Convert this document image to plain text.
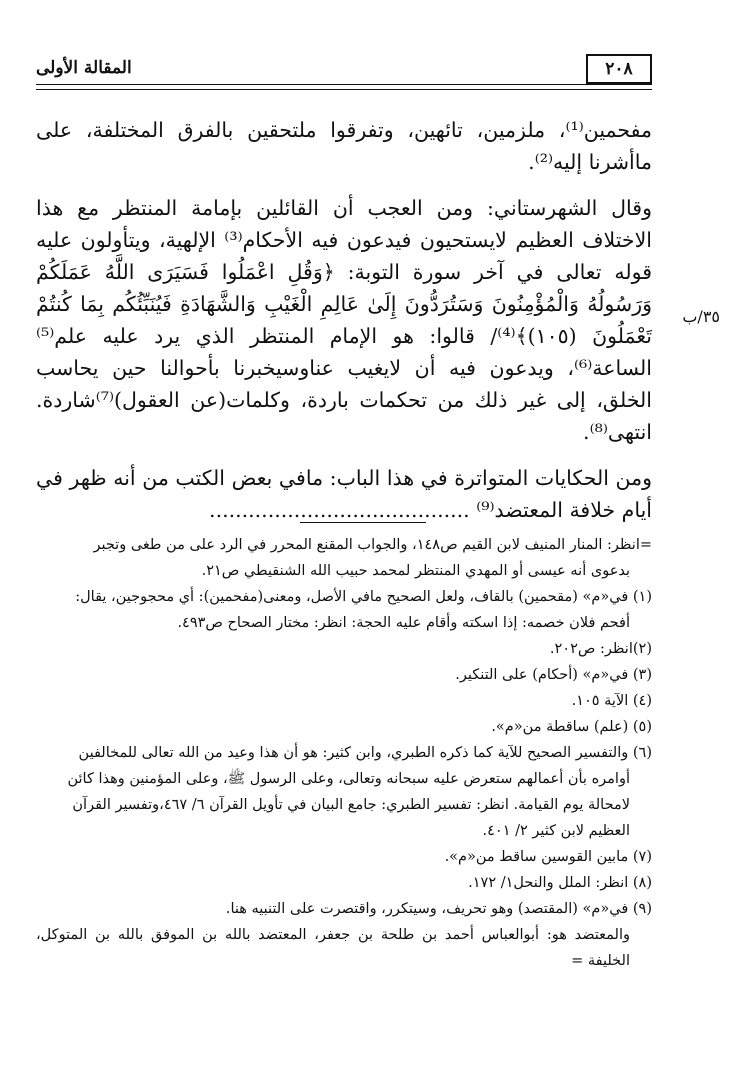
المقالة الأولى	٢٠٨
٣٥/ب

مفحمين⁽¹⁾، ملزمين، تائهين، وتفرقوا ملتحقين بالفرق المختلفة، على ماأشرنا إليه⁽²⁾.

وقال الشهرستاني: ومن العجب أن القائلين بإمامة المنتظر مع هذا الاختلاف العظيم لايستحيون فيدعون فيه الأحكام⁽³⁾ الإلهية، ويتأولون عليه قوله تعالى في آخر سورة التوبة: ﴿وَقُلِ اعْمَلُوا فَسَيَرَى اللَّهُ عَمَلَكُمْ وَرَسُولُهُ وَالْمُؤْمِنُونَ وَسَتُرَدُّونَ إِلَىٰ عَالِمِ الْغَيْبِ وَالشَّهَادَةِ فَيُنَبِّئُكُم بِمَا كُنتُمْ تَعْمَلُونَ (١٠٥)﴾⁽⁴⁾/ قالوا: هو الإمام المنتظر الذي يرد عليه علم⁽⁵⁾ الساعة⁽⁶⁾، ويدعون فيه أن لايغيب عناوسيخبرنا بأحوالنا حين يحاسب الخلق، إلى غير ذلك من تحكمات باردة، وكلمات(عن العقول)⁽⁷⁾شاردة. انتهى⁽⁸⁾.

ومن الحكايات المتواترة في هذا الباب: مافي بعض الكتب من أنه ظهر في أيام خلافة المعتضد⁽⁹⁾ ........................................

=انظر: المنار المنيف لابن القيم ص١٤٨، والجواب المقنع المحرر في الرد على من طغى وتجبر
بدعوى أنه عيسى أو المهدي المنتظر لمحمد حبيب الله الشنقيطي ص٢١.
(١) في«م» (مقحمين) بالقاف، ولعل الصحيح مافي الأصل، ومعنى(مفحمين): أي محجوجين، يقال:
أفحم فلان خصمه: إذا اسكته وأقام عليه الحجة: انظر: مختار الصحاح ص٤٩٣.
(٢)انظر: ص٢٠٢.
(٣) في«م» (أحكام) على التنكير.
(٤) الآية ١٠٥.
(٥) (علم) ساقطة من«م».
(٦) والتفسير الصحيح للآية كما ذكره الطبري، وابن كثير: هو أن هذا وعيد من الله تعالى للمخالفين
أوامره بأن أعمالهم ستعرض عليه سبحانه وتعالى، وعلى الرسول ﷺ، وعلى المؤمنين وهذا كائن
لامحالة يوم القيامة. انظر: تفسير الطبري: جامع البيان في تأويل القرآن ٦/ ٤٦٧،وتفسير القرآن
العظيم لابن كثير ٢/ ٤٠١.
(٧) مابين القوسين ساقط من«م».
(٨) انظر: الملل والنحل١/ ١٧٢.
(٩) في«م» (المقتصد) وهو تحريف، وسيتكرر، واقتصرت على التنبيه هنا.
والمعتضد هو: أبوالعباس أحمد بن طلحة بن جعفر، المعتضد بالله بن الموفق بالله بن المتوكل، الخليفة =
